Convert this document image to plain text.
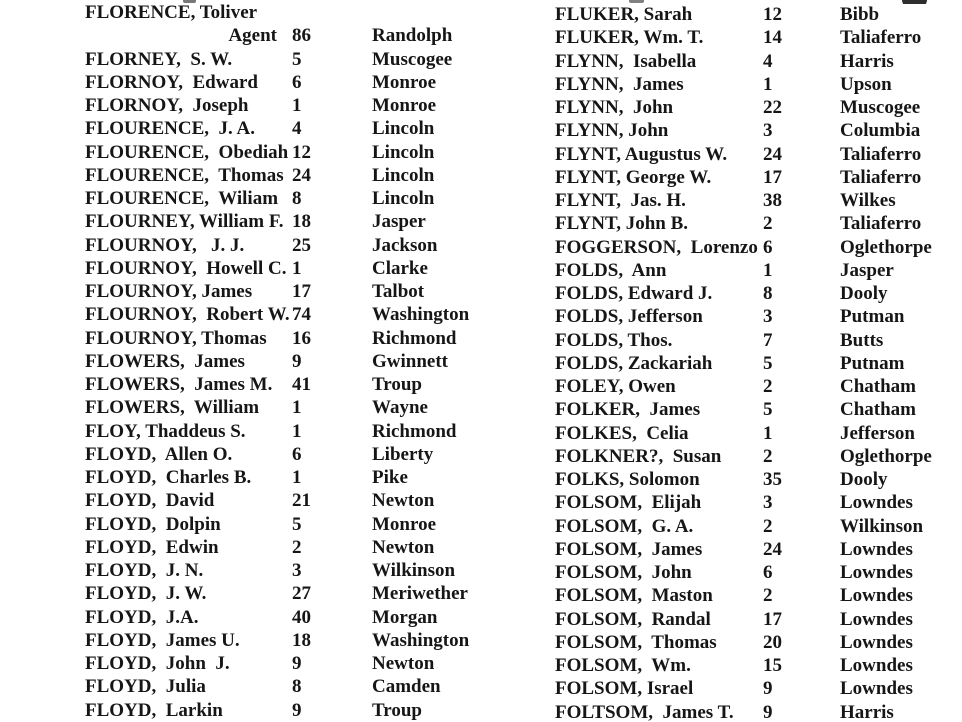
FLORENCE, Toliver
Agent 86	Randolph
FLORNEY,  S. W.	5	Muscogee
FLORNOY,  Edward	6	Monroe
FLORNOY,  Joseph	1	Monroe
FLOURENCE,  J. A.	4	Lincoln
FLOURENCE,  Obediah 12	Lincoln
FLOURENCE,  Thomas 24	Lincoln
FLOURENCE,  Wiliam 8	Lincoln
FLOURNEY, William F. 18	Jasper
FLOURNOY,   J. J.	25	Jackson
FLOURNOY,  Howell C. 1	Clarke
FLOURNOY, James	17	Talbot
FLOURNOY,  Robert W. 74	Washington
FLOURNOY, Thomas	16	Richmond
FLOWERS,  James	9	Gwinnett
FLOWERS,  James M.	41	Troup
FLOWERS,  William	1	Wayne
FLOY, Thaddeus S.	1	Richmond
FLOYD,  Allen O.	6	Liberty
FLOYD,  Charles B.	1	Pike
FLOYD,  David	21	Newton
FLOYD,  Dolpin	5	Monroe
FLOYD,  Edwin	2	Newton
FLOYD,  J. N.	3	Wilkinson
FLOYD,  J. W.	27	Meriwether
FLOYD,  J.A.	40	Morgan
FLOYD,  James U.	18	Washington
FLOYD,  John  J.	9	Newton
FLOYD,  Julia	8	Camden
FLOYD,  Larkin	9	Troup
FLUKER, Sarah	12	Bibb
FLUKER, Wm. T.	14	Taliaferro
FLYNN,  Isabella	4	Harris
FLYNN,  James	1	Upson
FLYNN,  John	22	Muscogee
FLYNN, John	3	Columbia
FLYNT, Augustus W.	24	Taliaferro
FLYNT, George W.	17	Taliaferro
FLYNT,  Jas. H.	38	Wilkes
FLYNT, John B.	2	Taliaferro
FOGGERSON,  Lorenzo 6	Oglethorpe
FOLDS,  Ann	1	Jasper
FOLDS, Edward J.	8	Dooly
FOLDS, Jefferson	3	Putman
FOLDS, Thos.	7	Butts
FOLDS, Zackariah	5	Putnam
FOLEY, Owen	2	Chatham
FOLKER,  James	5	Chatham
FOLKES,  Celia	1	Jefferson
FOLKNER?,  Susan	2	Oglethorpe
FOLKS, Solomon	35	Dooly
FOLSOM,  Elijah	3	Lowndes
FOLSOM,  G. A.	2	Wilkinson
FOLSOM,  James	24	Lowndes
FOLSOM,  John	6	Lowndes
FOLSOM,  Maston	2	Lowndes
FOLSOM,  Randal	17	Lowndes
FOLSOM,  Thomas	20	Lowndes
FOLSOM,  Wm.	15	Lowndes
FOLSOM, Israel	9	Lowndes
FOLTSOM,  James T.	9	Harris
